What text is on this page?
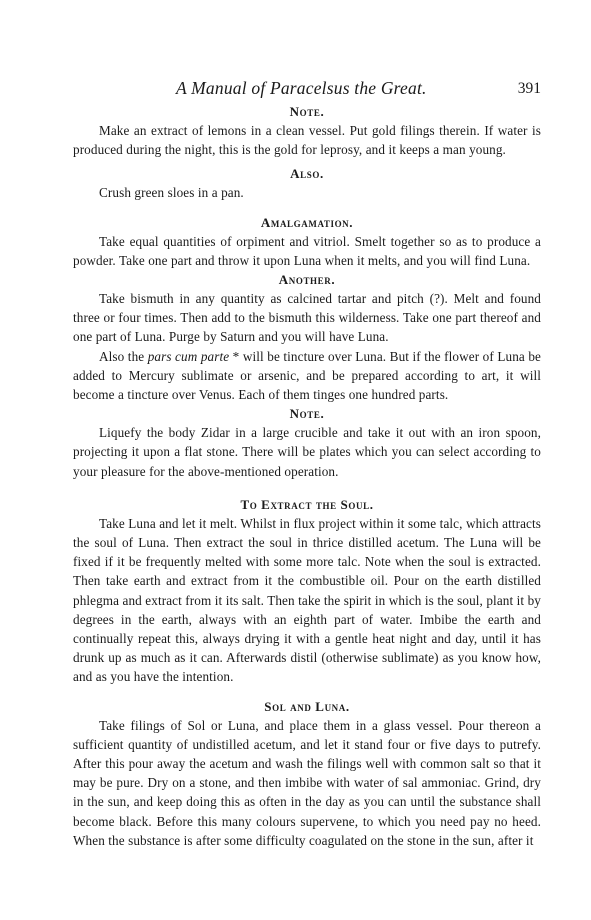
A Manual of Paracelsus the Great.	391
Note.

Make an extract of lemons in a clean vessel. Put gold filings therein. If water is produced during the night, this is the gold for leprosy, and it keeps a man young.

Also.

Crush green sloes in a pan.

Amalgamation.

Take equal quantities of orpiment and vitriol. Smelt together so as to produce a powder. Take one part and throw it upon Luna when it melts, and you will find Luna.

Another.

Take bismuth in any quantity as calcined tartar and pitch (?). Melt and found three or four times. Then add to the bismuth this wilderness. Take one part thereof and one part of Luna. Purge by Saturn and you will have Luna.

Also the pars cum parte * will be tincture over Luna. But if the flower of Luna be added to Mercury sublimate or arsenic, and be prepared according to art, it will become a tincture over Venus. Each of them tinges one hundred parts.

Note.

Liquefy the body Zidar in a large crucible and take it out with an iron spoon, projecting it upon a flat stone. There will be plates which you can select according to your pleasure for the above-mentioned operation.

To Extract the Soul.

Take Luna and let it melt. Whilst in flux project within it some talc, which attracts the soul of Luna. Then extract the soul in thrice distilled acetum. The Luna will be fixed if it be frequently melted with some more talc. Note when the soul is extracted. Then take earth and extract from it the combustible oil. Pour on the earth distilled phlegma and extract from it its salt. Then take the spirit in which is the soul, plant it by degrees in the earth, always with an eighth part of water. Imbibe the earth and continually repeat this, always drying it with a gentle heat night and day, until it has drunk up as much as it can. Afterwards distil (otherwise sublimate) as you know how, and as you have the intention.

Sol and Luna.

Take filings of Sol or Luna, and place them in a glass vessel. Pour thereon a sufficient quantity of undistilled acetum, and let it stand four or five days to putrefy. After this pour away the acetum and wash the filings well with common salt so that it may be pure. Dry on a stone, and then imbibe with water of sal ammoniac. Grind, dry in the sun, and keep doing this as often in the day as you can until the substance shall become black. Before this many colours supervene, to which you need pay no heed. When the substance is after some difficulty coagulated on the stone in the sun, after it
